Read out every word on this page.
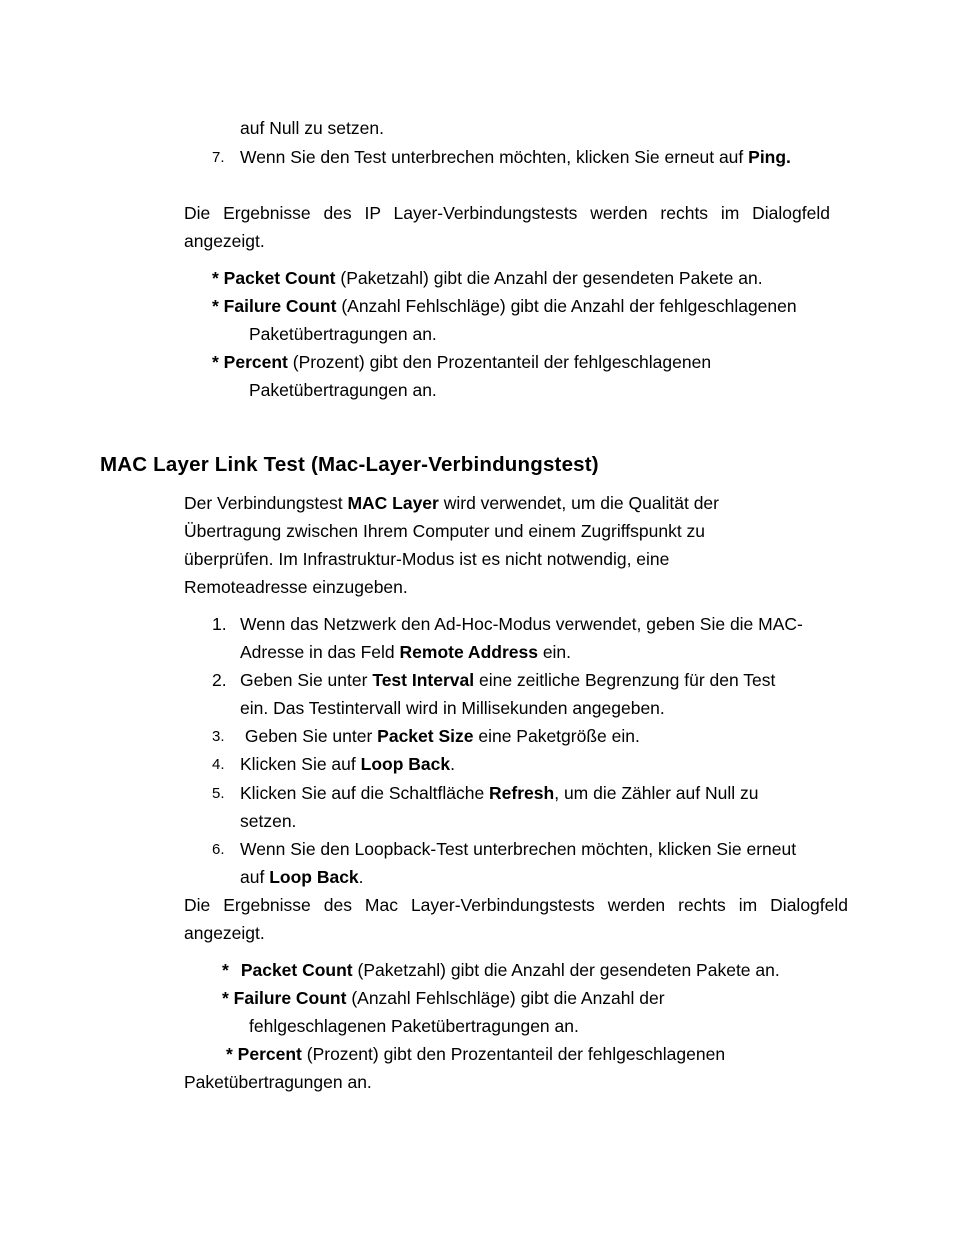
auf Null zu setzen.
7. Wenn Sie den Test unterbrechen möchten, klicken Sie erneut auf Ping.
Die Ergebnisse des IP Layer-Verbindungstests werden rechts im Dialogfeld
angezeigt.
* Packet Count (Paketzahl) gibt die Anzahl der gesendeten Pakete an.
* Failure Count (Anzahl Fehlschläge) gibt die Anzahl der fehlgeschlagenen
Paketübertragungen an.
* Percent (Prozent) gibt den Prozentanteil der fehlgeschlagenen
Paketübertragungen an.
MAC Layer Link Test (Mac-Layer-Verbindungstest)
Der Verbindungstest MAC Layer wird verwendet, um die Qualität der
Übertragung zwischen Ihrem Computer und einem Zugriffspunkt zu
überprüfen. Im Infrastruktur-Modus ist es nicht notwendig, eine
Remoteadresse einzugeben.
1. Wenn das Netzwerk den Ad-Hoc-Modus verwendet, geben Sie die MAC-
Adresse in das Feld Remote Address ein.
2. Geben Sie unter Test Interval eine zeitliche Begrenzung für den Test
ein. Das Testintervall wird in Millisekunden angegeben.
3. Geben Sie unter Packet Size eine Paketgröße ein.
4. Klicken Sie auf Loop Back.
5. Klicken Sie auf die Schaltfläche Refresh, um die Zähler auf Null zu
setzen.
6. Wenn Sie den Loopback-Test unterbrechen möchten, klicken Sie erneut
auf Loop Back.
Die Ergebnisse des Mac Layer-Verbindungstests werden rechts im Dialogfeld
angezeigt.
* Packet Count (Paketzahl) gibt die Anzahl der gesendeten Pakete an.
* Failure Count (Anzahl Fehlschläge) gibt die Anzahl der
fehlgeschlagenen Paketübertragungen an.
* Percent (Prozent) gibt den Prozentanteil der fehlgeschlagenen
Paketübertragungen an.
